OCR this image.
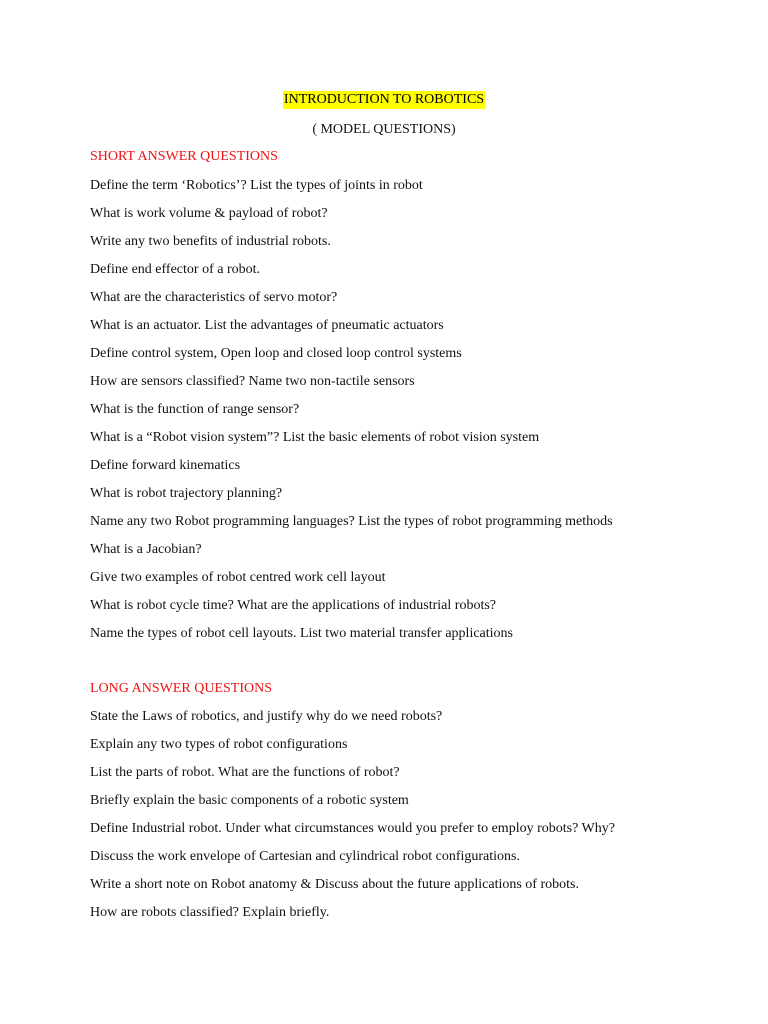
INTRODUCTION TO ROBOTICS
( MODEL QUESTIONS)
SHORT ANSWER QUESTIONS
Define the term ‘Robotics’? List the types of joints in robot
What is work volume & payload of robot?
Write any two benefits of industrial robots.
Define end effector of a robot.
What are the characteristics of servo motor?
What is an actuator. List the advantages of pneumatic actuators
Define control system, Open loop and closed loop control systems
How are sensors classified? Name two non-tactile sensors
What is the function of range sensor?
What is a “Robot vision system”? List the basic elements of robot vision system
Define forward kinematics
What is robot trajectory planning?
Name any two Robot programming languages? List the types of robot programming methods
What is a Jacobian?
Give two examples of robot centred work cell layout
What is robot cycle time? What are the applications of industrial robots?
Name the types of robot cell layouts. List two material transfer applications
LONG ANSWER QUESTIONS
State the Laws of robotics, and justify why do we need robots?
Explain any two types of robot configurations
List the parts of robot. What are the functions of robot?
Briefly explain the basic components of a robotic system
Define Industrial robot. Under what circumstances would you prefer to employ robots? Why?
Discuss the work envelope of Cartesian and cylindrical robot configurations.
Write a short note on Robot anatomy & Discuss about the future applications of robots.
How are robots classified? Explain briefly.
